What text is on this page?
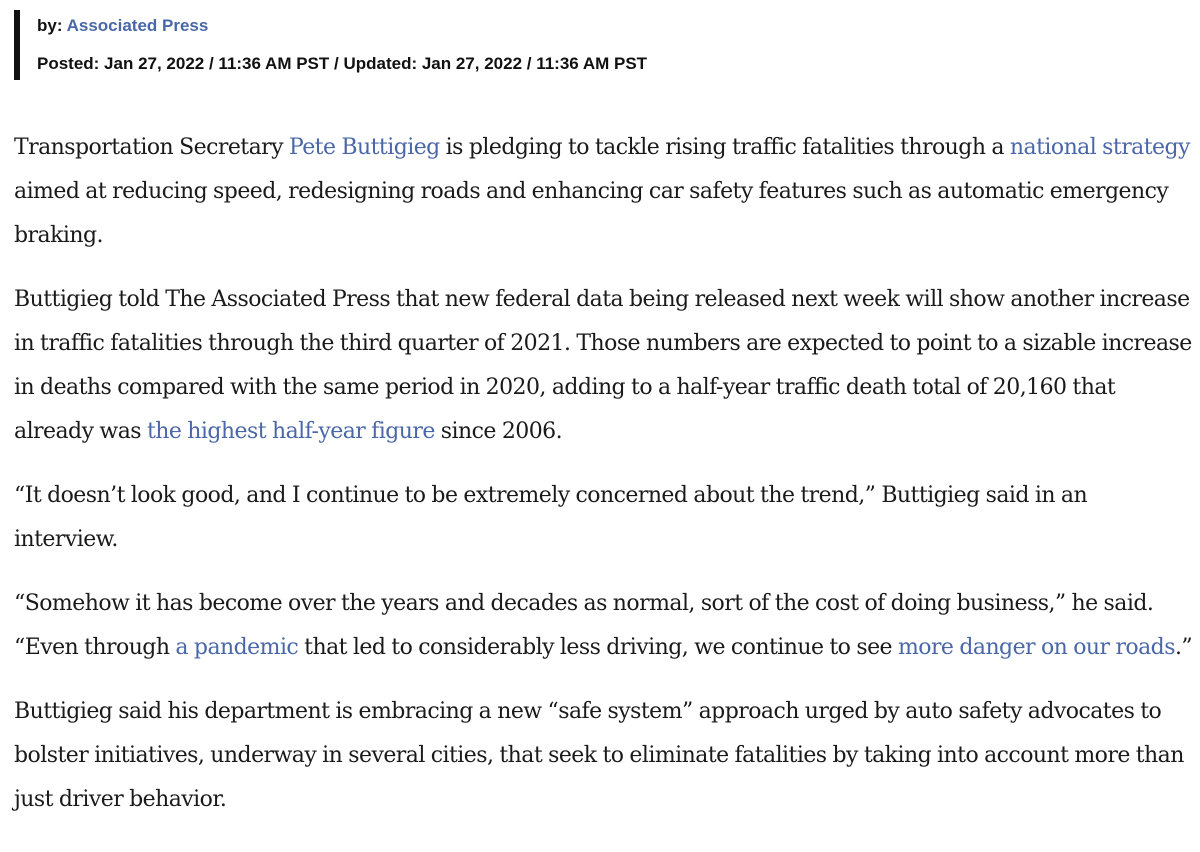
by: Associated Press
Posted: Jan 27, 2022 / 11:36 AM PST / Updated: Jan 27, 2022 / 11:36 AM PST

Transportation Secretary Pete Buttigieg is pledging to tackle rising traffic fatalities through a national strategy aimed at reducing speed, redesigning roads and enhancing car safety features such as automatic emergency braking.

Buttigieg told The Associated Press that new federal data being released next week will show another increase in traffic fatalities through the third quarter of 2021. Those numbers are expected to point to a sizable increase in deaths compared with the same period in 2020, adding to a half-year traffic death total of 20,160 that already was the highest half-year figure since 2006.

“It doesn’t look good, and I continue to be extremely concerned about the trend,” Buttigieg said in an interview.

“Somehow it has become over the years and decades as normal, sort of the cost of doing business,” he said. “Even through a pandemic that led to considerably less driving, we continue to see more danger on our roads.”

Buttigieg said his department is embracing a new “safe system” approach urged by auto safety advocates to bolster initiatives, underway in several cities, that seek to eliminate fatalities by taking into account more than just driver behavior.
